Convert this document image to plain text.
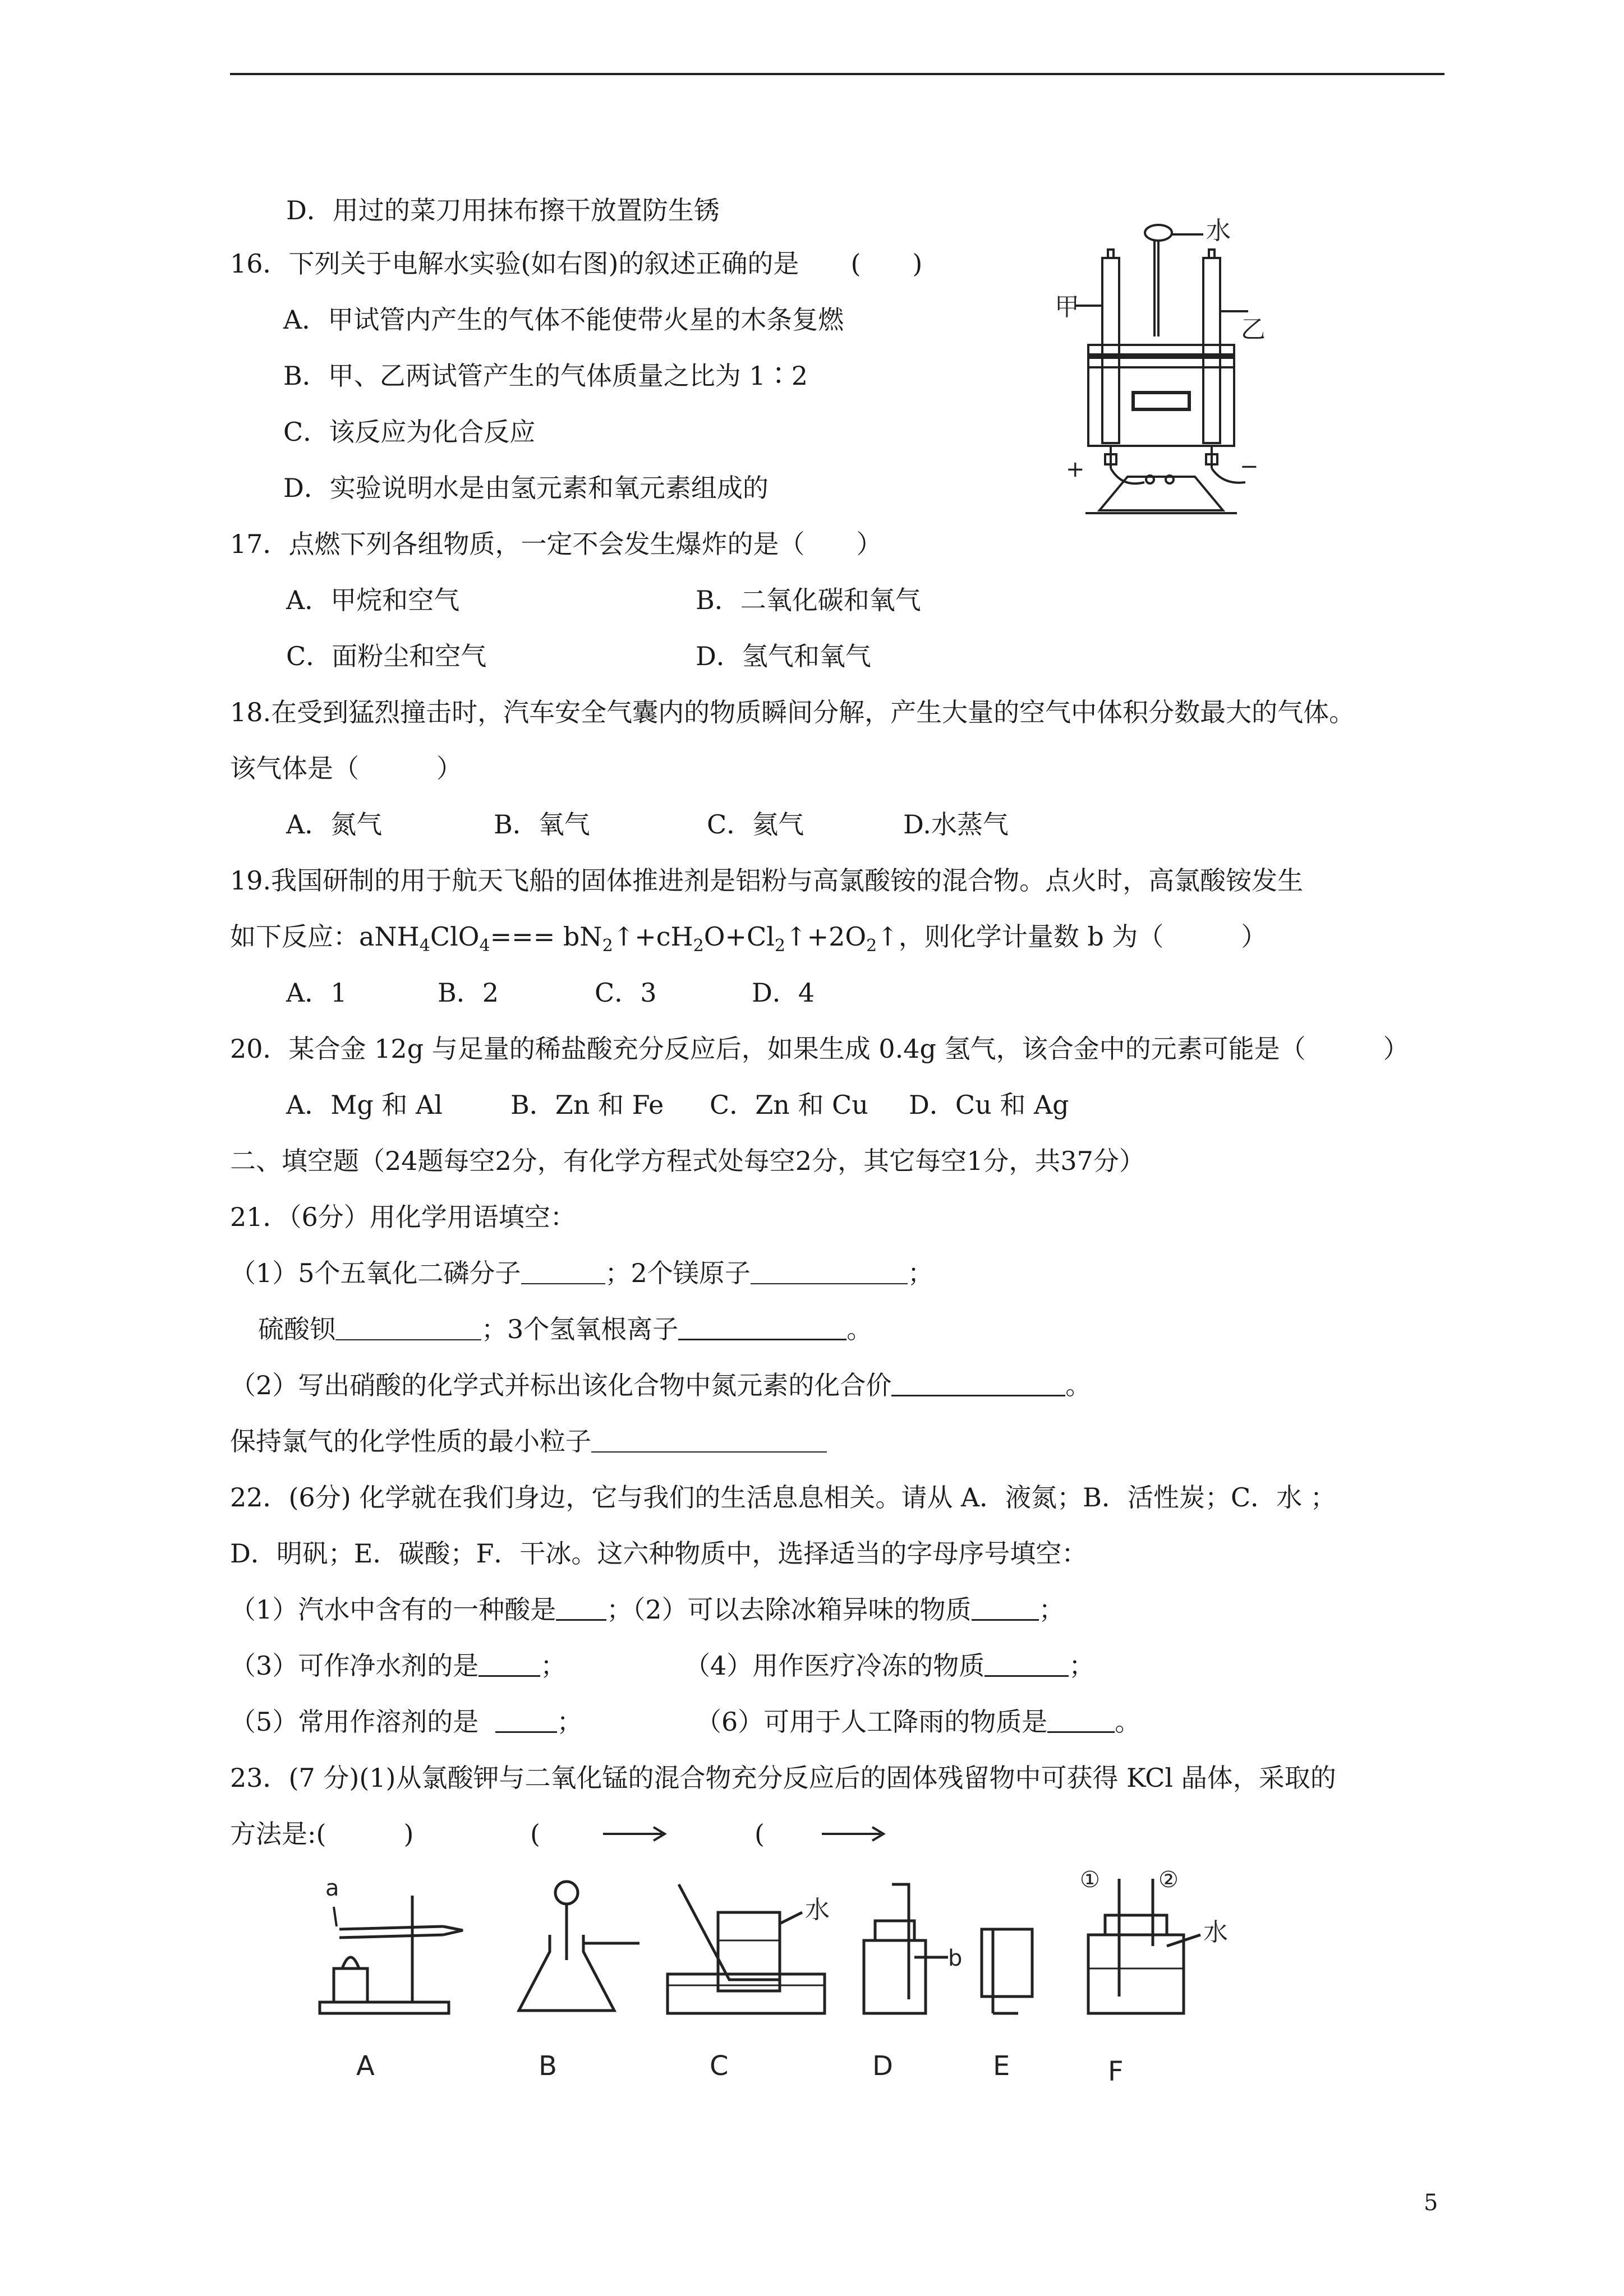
D．用过的菜刀用抹布擦干放置防生锈
16．下列关于电解水实验(如右图)的叙述正确的是　　 (　　)
A．甲试管内产生的气体不能使带火星的木条复燃
B．甲、乙两试管产生的气体质量之比为 1∶2
C．该反应为化合反应
D．实验说明水是由氢元素和氧元素组成的
水
甲
乙
+	−
17．点燃下列各组物质，一定不会发生爆炸的是（　　）
A．甲烷和空气	B．二氧化碳和氧气
C．面粉尘和空气	D．氢气和氧气
18.在受到猛烈撞击时，汽车安全气囊内的物质瞬间分解，产生大量的空气中体积分数最大的气体。
该气体是（　　　）
A．氮气	B．氧气	C．氦气	D.水蒸气
19.我国研制的用于航天飞船的固体推进剂是铝粉与高氯酸铵的混合物。点火时，高氯酸铵发生
如下反应：$aNH_4ClO_4=== bN_2↑+cH_2O+Cl_2↑+2O_2↑$，则化学计量数 b 为（　　　）
A．1	B．2	C．3	D．4
20．某合金 12g 与足量的稀盐酸充分反应后，如果生成 0.4g 氢气，该合金中的元素可能是（　　　）
A．Mg 和 Al	B．Zn 和 Fe C．Zn 和 Cu D．Cu 和 Ag
二、填空题（24题每空2分，有化学方程式处每空2分，其它每空1分，共37分）
21．（6分）用化学用语填空：
（1）5个五氧化二磷分子	；2个镁原子	；
硫酸钡	；3个氢氧根离子	。
（2）写出硝酸的化学式并标出该化合物中氮元素的化合价	。
保持氯气的化学性质的最小粒子
22．(6分) 化学就在我们身边，它与我们的生活息息相关。请从 A．液氮；B．活性炭；C．水 ；
D．明矾；E．碳酸；F．干冰。这六种物质中，选择适当的字母序号填空：
（1）汽水中含有的一种酸是 ；（2）可以去除冰箱异味的物质	；
（3）可作净水剂的是 ；	（4）用作医疗冷冻的物质	；
（5）常用作溶剂的是	；	（6）可用于人工降雨的物质是	。
23．(7 分)(1)从氯酸钾与二氧化锰的混合物充分反应后的固体残留物中可获得 KCl 晶体，采取的
方法是:(　　　)	(	(
a
b
水
水
①	②
A	B	C	D	E	F
5
